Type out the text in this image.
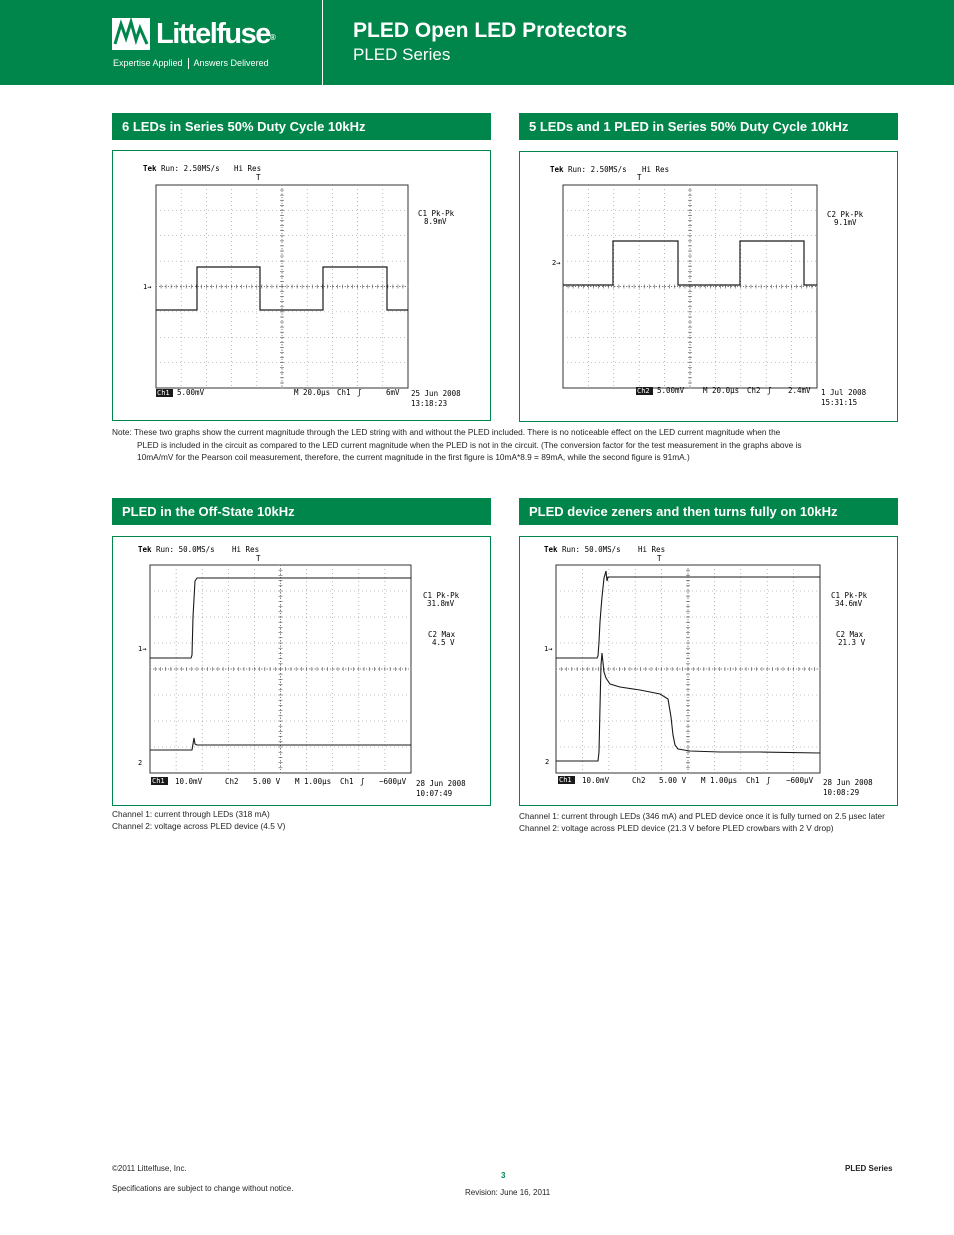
Littelfuse®
Expertise Applied Answers Delivered
PLED Open LED Protectors
PLED Series
6 LEDs in Series 50% Duty Cycle 10kHz	5 LEDs and 1 PLED in Series 50% Duty Cycle 10kHz
PLED in the Off-State 10kHz	PLED device zeners and then turns fully on 10kHz
Tek Run: 2.50MS/s Hi Res
T
1→
C1 Pk-Pk
8.9mV
Ch1 5.00mV	M 20.0µs Ch1 ʃ	6mV 25 Jun 2008
13:18:23
Tek Run: 2.50MS/s Hi Res
T
2→
C2 Pk-Pk
9.1mV
Ch2 5.00mV	M 20.0µs Ch2 ʃ 2.4mV 1 Jul 2008
15:31:15
Tek Run: 50.0MS/s Hi Res
T
1→
2
C1 Pk-Pk
31.8mV
C2 Max
4.5 V
Ch1 10.0mV	Ch2 5.00 V M 1.00µs Ch1 ʃ −600µV 28 Jun 2008
10:07:49
Tek Run: 50.0MS/s Hi Res
T
1→
2
C1 Pk-Pk
34.6mV
C2 Max
21.3 V
Ch1 10.0mV	Ch2 5.00 V M 1.00µs Ch1 ʃ −600µV 28 Jun 2008
10:08:29
Note: These two graphs show the current magnitude through the LED string with and without the PLED included. There is no noticeable effect on the LED current magnitude when the
PLED is included in the circuit as compared to the LED current magnitude when the PLED is not in the circuit. (The conversion factor for the test measurement in the graphs above is
10mA/mV for the Pearson coil measurement, therefore, the current magnitude in the first figure is 10mA*8.9 = 89mA, while the second figure is 91mA.)
Channel 1: current through LEDs (318 mA)
Channel 2: voltage across PLED device (4.5 V)
Channel 1: current through LEDs (346 mA) and PLED device once it is fully turned on 2.5 µsec later
Channel 2: voltage across PLED device (21.3 V before PLED crowbars with 2 V drop)
©2011 Littelfuse, Inc.
Specifications are subject to change without notice.
3
Revision: June 16, 2011
PLED Series
